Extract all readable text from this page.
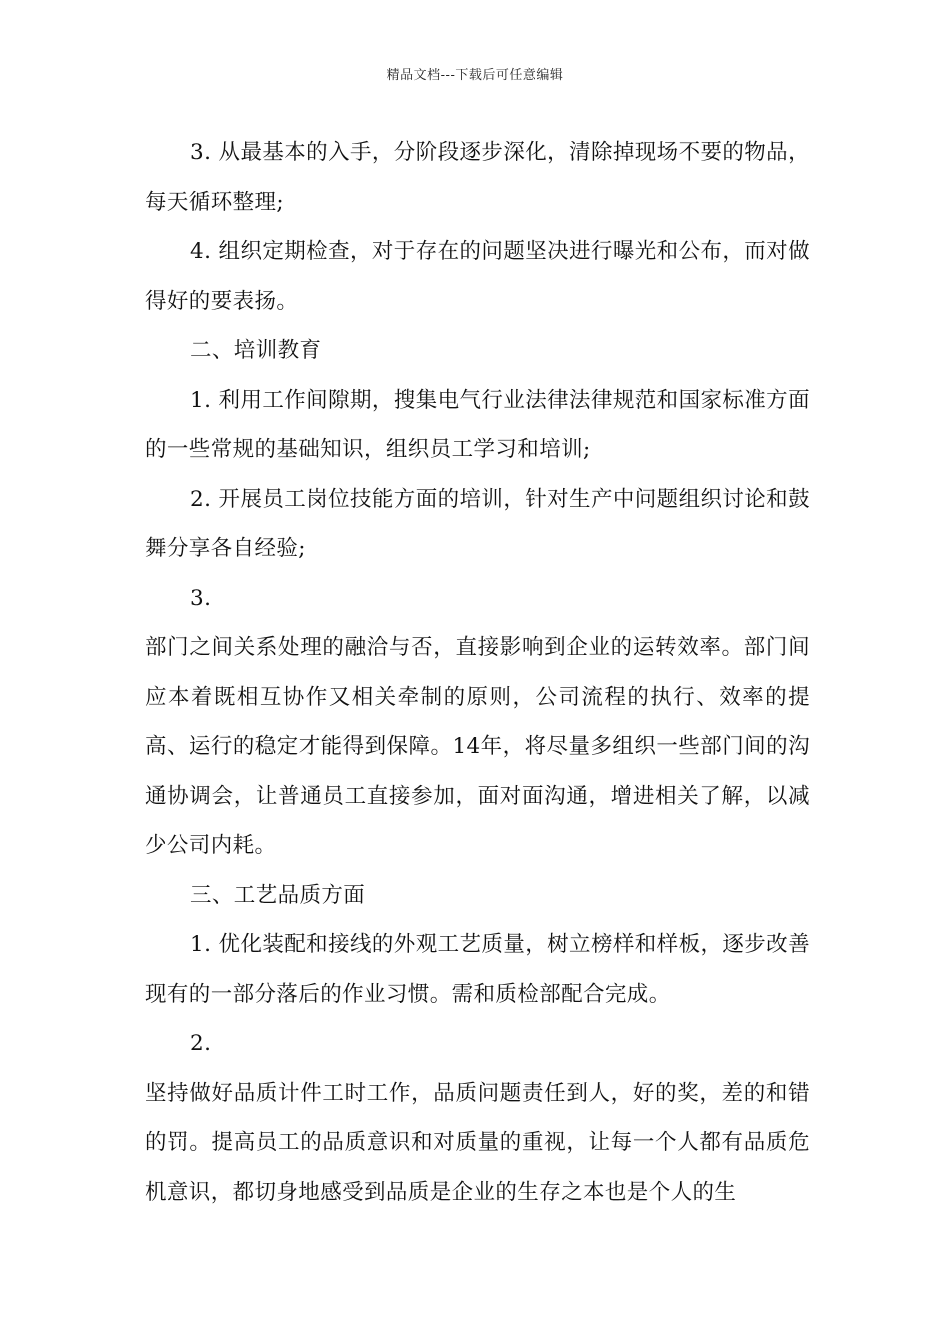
精品文档---下载后可任意编辑

3. 从最基本的入手，分阶段逐步深化，清除掉现场不要的物品，每天循环整理;

4. 组织定期检查，对于存在的问题坚决进行曝光和公布，而对做得好的要表扬。

二、培训教育

1. 利用工作间隙期，搜集电气行业法律法律规范和国家标准方面的一些常规的基础知识，组织员工学习和培训;

2. 开展员工岗位技能方面的培训，针对生产中问题组织讨论和鼓舞分享各自经验;

3.

部门之间关系处理的融洽与否，直接影响到企业的运转效率。部门间应本着既相互协作又相关牵制的原则，公司流程的执行、效率的提高、运行的稳定才能得到保障。14年，将尽量多组织一些部门间的沟通协调会，让普通员工直接参加，面对面沟通，增进相关了解，以减少公司内耗。

三、工艺品质方面

1. 优化装配和接线的外观工艺质量，树立榜样和样板，逐步改善现有的一部分落后的作业习惯。需和质检部配合完成。

2.

坚持做好品质计件工时工作，品质问题责任到人，好的奖，差的和错的罚。提高员工的品质意识和对质量的重视，让每一个人都有品质危机意识，都切身地感受到品质是企业的生存之本也是个人的生
